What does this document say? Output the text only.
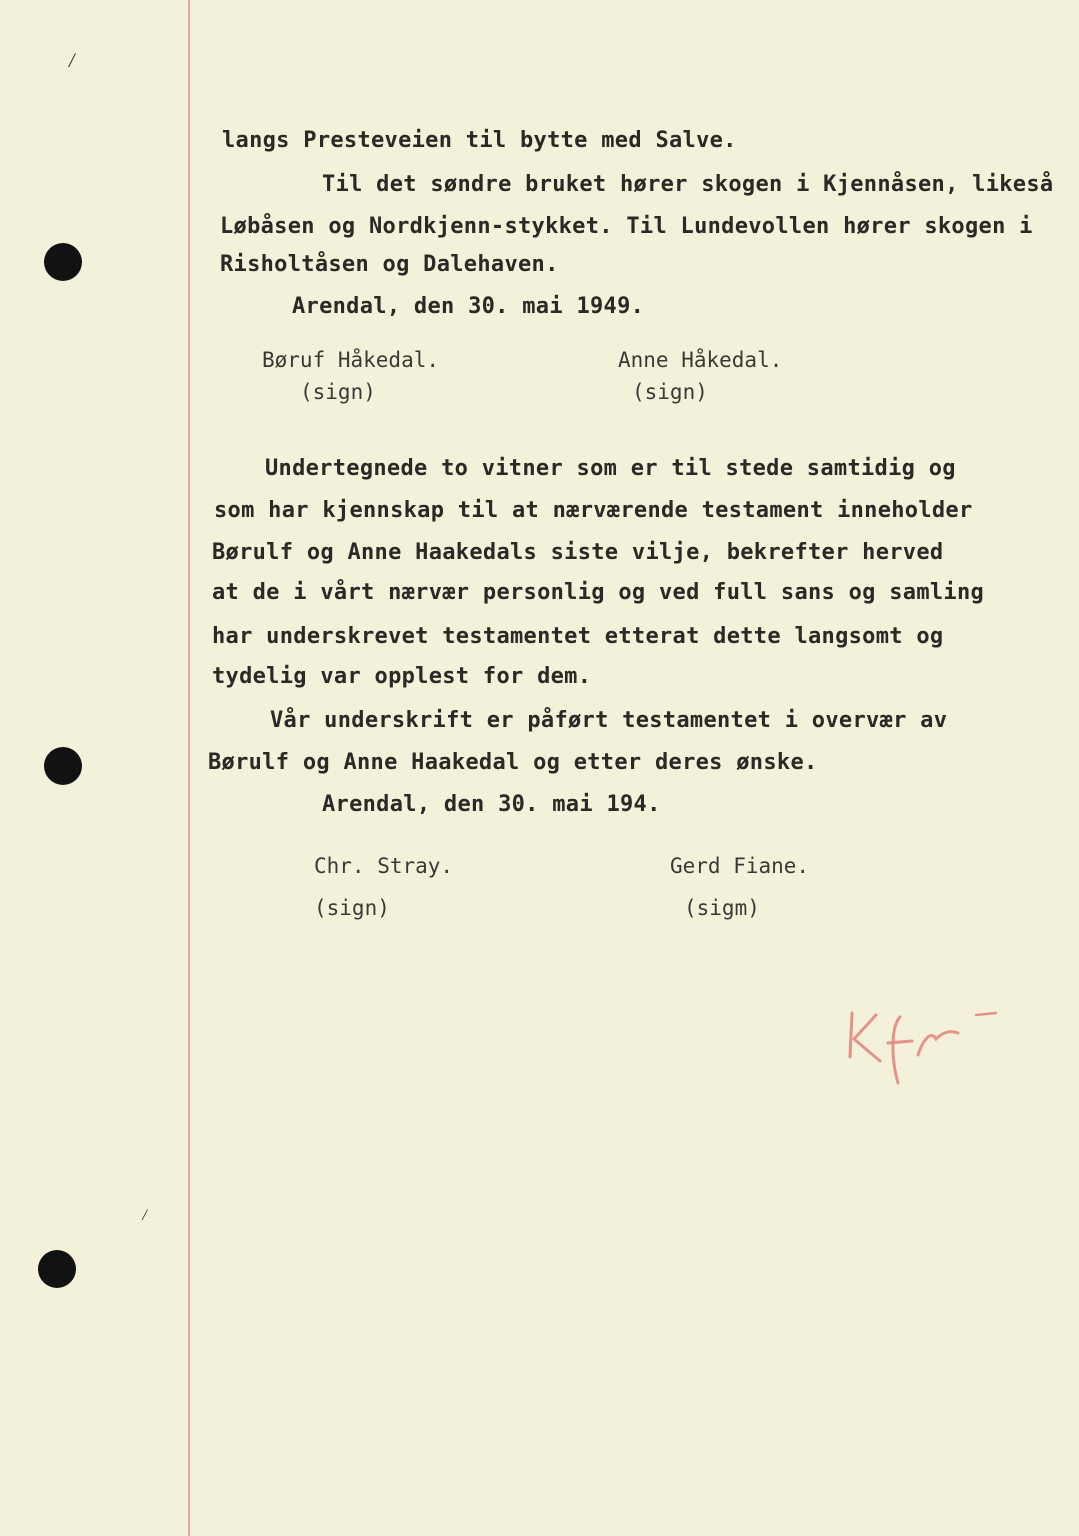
⁄
⁄
langs Presteveien til bytte med Salve.
Til det søndre bruket hører skogen i Kjennåsen, likeså
Løbåsen og Nordkjenn-stykket. Til Lundevollen hører skogen i
Risholtåsen og Dalehaven.
Arendal, den 30. mai 1949.
Børuf Håkedal.
(sign)
Anne Håkedal.
(sign)
Undertegnede to vitner som er til stede samtidig og
som har kjennskap til at nærværende testament inneholder
Børulf og Anne Haakedals siste vilje, bekrefter herved
at de i vårt nærvær personlig og ved full sans og samling
har underskrevet testamentet etterat dette langsomt og
tydelig var opplest for dem.
Vår underskrift er påført testamentet i overvær av
Børulf og Anne Haakedal og etter deres ønske.
Arendal, den 30. mai 194.
Chr. Stray.
(sign)
Gerd Fiane.
(sigm)
